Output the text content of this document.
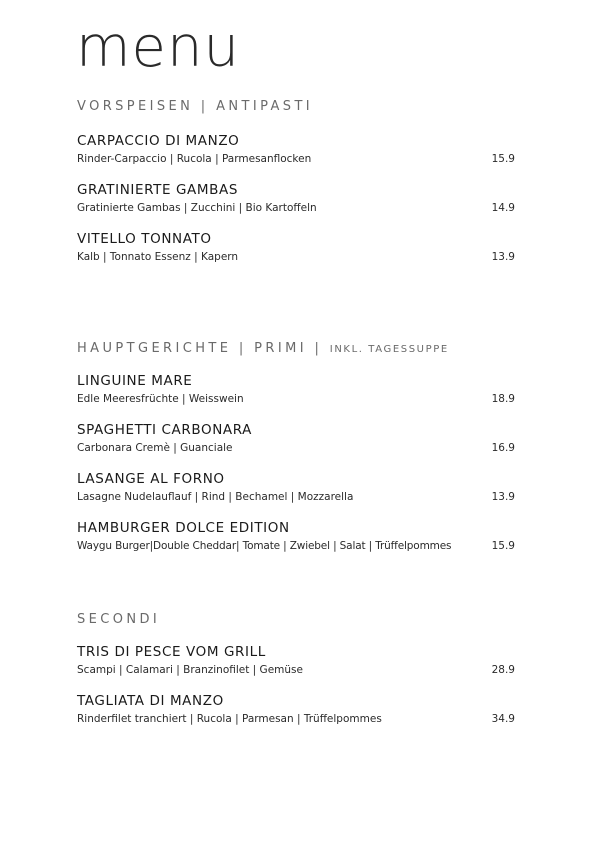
menu
VORSPEISEN | ANTIPASTI
CARPACCIO DI MANZO
Rinder-Carpaccio | Rucola | Parmesanflocken	15.9
GRATINIERTE GAMBAS
Gratinierte Gambas | Zucchini | Bio Kartoffeln	14.9
VITELLO TONNATO
Kalb | Tonnato Essenz | Kapern	13.9
HAUPTGERICHTE | PRIMI | INKL. TAGESSUPPE
LINGUINE MARE
Edle Meeresfrüchte | Weisswein	18.9
SPAGHETTI CARBONARA
Carbonara Cremè | Guanciale	16.9
LASANGE AL FORNO
Lasagne Nudelauflauf | Rind | Bechamel | Mozzarella	13.9
HAMBURGER DOLCE EDITION
Waygu Burger|Double Cheddar| Tomate | Zwiebel | Salat | Trüffelpommes	15.9
SECONDI
TRIS DI PESCE VOM GRILL
Scampi | Calamari | Branzinofilet | Gemüse	28.9
TAGLIATA DI MANZO
Rinderfilet tranchiert | Rucola | Parmesan | Trüffelpommes	34.9
